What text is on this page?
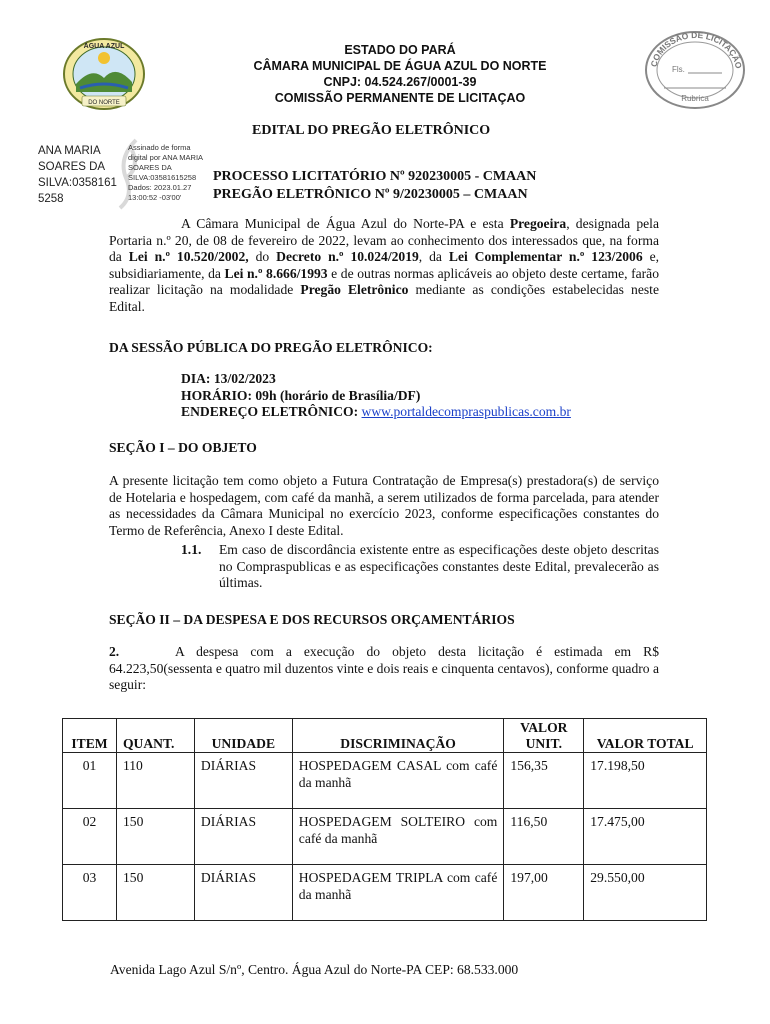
ÁGUA AZUL
DO NORTE
ESTADO DO PARÁ
CÂMARA MUNICIPAL DE ÁGUA AZUL DO NORTE
CNPJ: 04.524.267/0001-39
COMISSÃO PERMANENTE DE LICITAÇAO
COMISSÃO DE LICITAÇÃO
Fls.
Rubrica
ANA MARIA
SOARES DA
SILVA:0358161
5258
Assinado de forma
digital por ANA MARIA
SOARES DA
SILVA:03581615258
Dados: 2023.01.27
13:00:52 -03'00'
EDITAL DO PREGÃO ELETRÔNICO
PROCESSO LICITATÓRIO Nº 920230005 - CMAAN
PREGÃO ELETRÔNICO Nº 9/20230005 – CMAAN
A Câmara Municipal de Água Azul do Norte-PA e esta Pregoeira, designada pela Portaria n.º 20, de 08 de fevereiro de 2022, levam ao conhecimento dos interessados que, na forma da Lei n.º 10.520/2002, do Decreto n.º 10.024/2019, da Lei Complementar n.º 123/2006 e, subsidiariamente, da Lei n.º 8.666/1993 e de outras normas aplicáveis ao objeto deste certame, farão realizar licitação na modalidade Pregão Eletrônico mediante as condições estabelecidas neste Edital.
DA SESSÃO PÚBLICA DO PREGÃO ELETRÔNICO:
DIA: 13/02/2023
HORÁRIO: 09h (horário de Brasília/DF)
ENDEREÇO ELETRÔNICO: www.portaldecompraspublicas.com.br
SEÇÃO I – DO OBJETO
A presente licitação tem como objeto a Futura Contratação de Empresa(s) prestadora(s) de serviço de Hotelaria e hospedagem, com café da manhã, a serem utilizados de forma parcelada, para atender as necessidades da Câmara Municipal no exercício 2023, conforme especificações constantes do Termo de Referência, Anexo I deste Edital.
1.1. Em caso de discordância existente entre as especificações deste objeto descritas no Compraspublicas e as especificações constantes deste Edital, prevalecerão as últimas.
SEÇÃO II – DA DESPESA E DOS RECURSOS ORÇAMENTÁRIOS
2.	A despesa com a execução do objeto desta licitação é estimada em R$ 64.223,50(sessenta e quatro mil duzentos vinte e dois reais e cinquenta centavos), conforme quadro a seguir:
ITEM	QUANT.	UNIDADE	DISCRIMINAÇÃO	VALOR UNIT.	VALOR TOTAL
01	110	DIÁRIAS	HOSPEDAGEM CASAL com café da manhã	156,35	17.198,50
02	150	DIÁRIAS	HOSPEDAGEM SOLTEIRO com café da manhã	116,50	17.475,00
03	150	DIÁRIAS	HOSPEDAGEM TRIPLA com café da manhã	197,00	29.550,00
Avenida Lago Azul S/nº, Centro. Água Azul do Norte-PA CEP: 68.533.000
